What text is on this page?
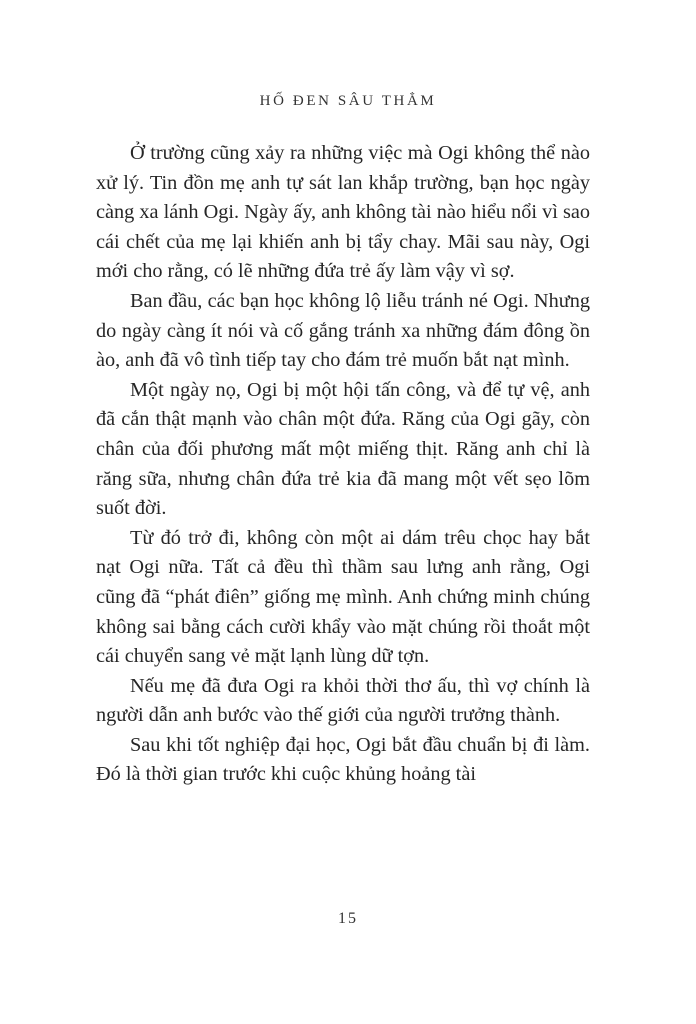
HỐ ĐEN SÂU THẲM

Ở trường cũng xảy ra những việc mà Ogi không thể nào xử lý. Tin đồn mẹ anh tự sát lan khắp trường, bạn học ngày càng xa lánh Ogi. Ngày ấy, anh không tài nào hiểu nổi vì sao cái chết của mẹ lại khiến anh bị tẩy chay. Mãi sau này, Ogi mới cho rằng, có lẽ những đứa trẻ ấy làm vậy vì sợ.

Ban đầu, các bạn học không lộ liễu tránh né Ogi. Nhưng do ngày càng ít nói và cố gắng tránh xa những đám đông ồn ào, anh đã vô tình tiếp tay cho đám trẻ muốn bắt nạt mình.

Một ngày nọ, Ogi bị một hội tấn công, và để tự vệ, anh đã cắn thật mạnh vào chân một đứa. Răng của Ogi gãy, còn chân của đối phương mất một miếng thịt. Răng anh chỉ là răng sữa, nhưng chân đứa trẻ kia đã mang một vết sẹo lõm suốt đời.

Từ đó trở đi, không còn một ai dám trêu chọc hay bắt nạt Ogi nữa. Tất cả đều thì thầm sau lưng anh rằng, Ogi cũng đã “phát điên” giống mẹ mình. Anh chứng minh chúng không sai bằng cách cười khẩy vào mặt chúng rồi thoắt một cái chuyển sang vẻ mặt lạnh lùng dữ tợn.

Nếu mẹ đã đưa Ogi ra khỏi thời thơ ấu, thì vợ chính là người dẫn anh bước vào thế giới của người trưởng thành.

Sau khi tốt nghiệp đại học, Ogi bắt đầu chuẩn bị đi làm. Đó là thời gian trước khi cuộc khủng hoảng tài

15
